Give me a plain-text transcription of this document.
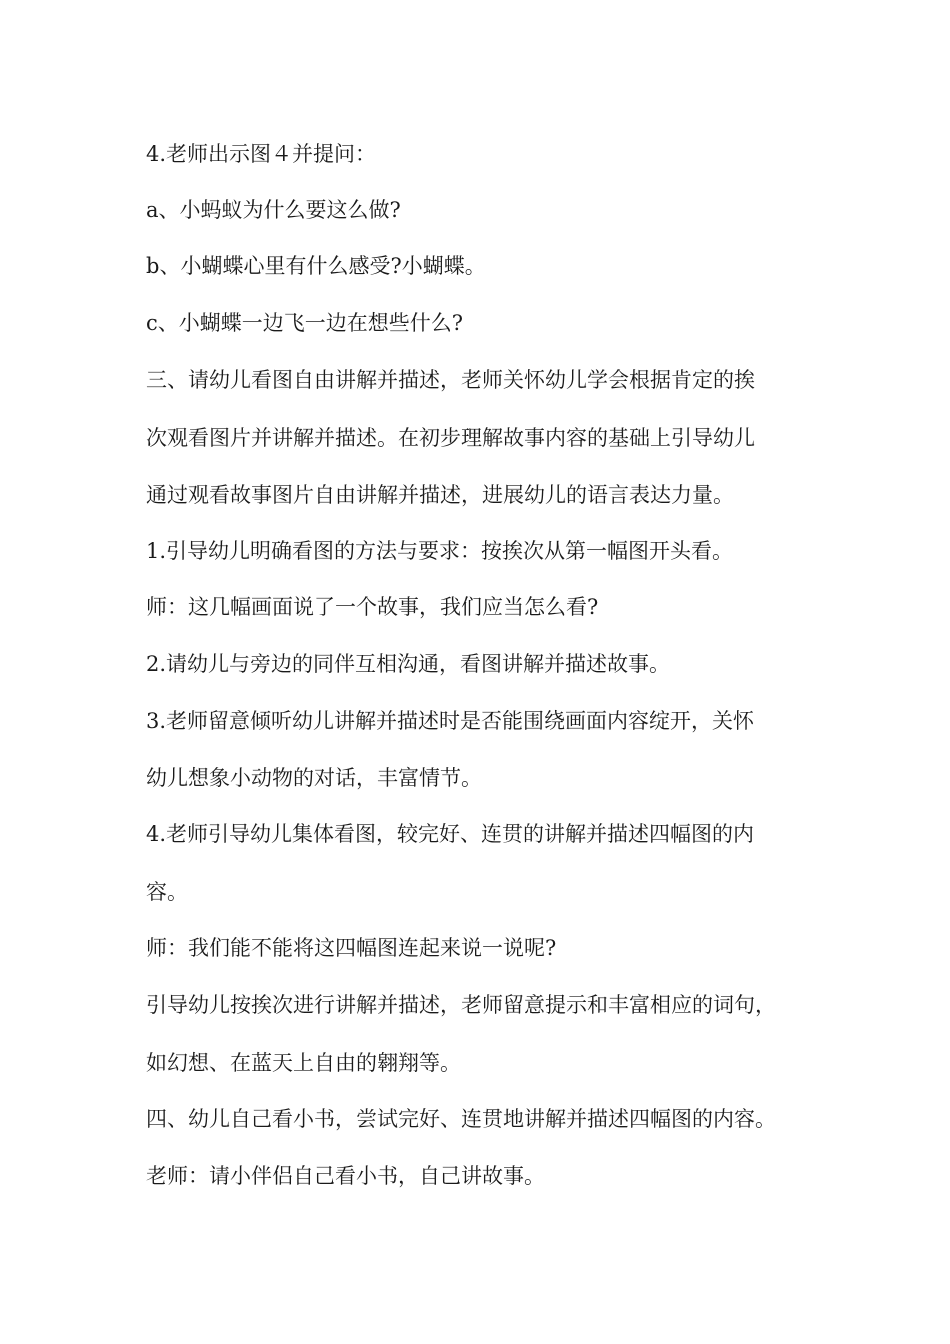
4.老师出示图４并提问：
a、小蚂蚁为什么要这么做?
b、小蝴蝶心里有什么感受?小蝴蝶。
c、小蝴蝶一边飞一边在想些什么?
三、请幼儿看图自由讲解并描述，老师关怀幼儿学会根据肯定的挨
次观看图片并讲解并描述。在初步理解故事内容的基础上引导幼儿
通过观看故事图片自由讲解并描述，进展幼儿的语言表达力量。
1.引导幼儿明确看图的方法与要求：按挨次从第一幅图开头看。
师：这几幅画面说了一个故事，我们应当怎么看?
2.请幼儿与旁边的同伴互相沟通，看图讲解并描述故事。
3.老师留意倾听幼儿讲解并描述时是否能围绕画面内容绽开，关怀
幼儿想象小动物的对话，丰富情节。
4.老师引导幼儿集体看图，较完好、连贯的讲解并描述四幅图的内
容。
师：我们能不能将这四幅图连起来说一说呢?
引导幼儿按挨次进行讲解并描述，老师留意提示和丰富相应的词句，
如幻想、在蓝天上自由的翱翔等。
四、幼儿自己看小书，尝试完好、连贯地讲解并描述四幅图的内容。
老师：请小伴侣自己看小书，自己讲故事。
